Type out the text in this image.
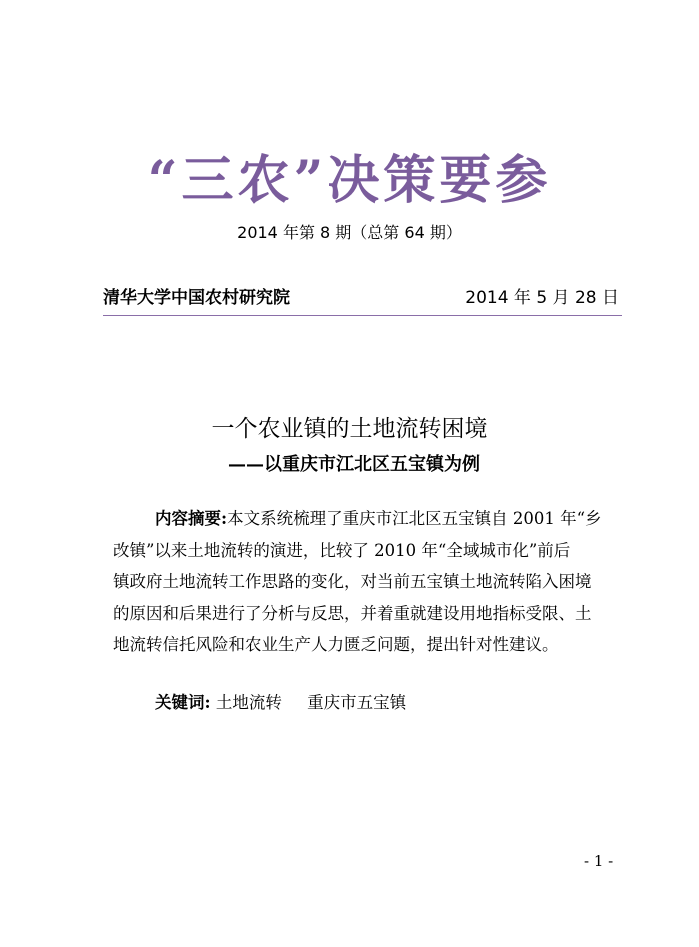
“三农”决策要参
2014 年第 8 期（总第 64 期）
清华大学中国农村研究院	2014 年 5 月 28 日
一个农业镇的土地流转困境
——以重庆市江北区五宝镇为例
内容摘要:本文系统梳理了重庆市江北区五宝镇自 2001 年“乡
改镇”以来土地流转的演进，比较了 2010 年“全域城市化”前后
镇政府土地流转工作思路的变化，对当前五宝镇土地流转陷入困境
的原因和后果进行了分析与反思，并着重就建设用地指标受限、土
地流转信托风险和农业生产人力匮乏问题，提出针对性建议。
关键词: 土地流转 重庆市五宝镇
- 1 -
